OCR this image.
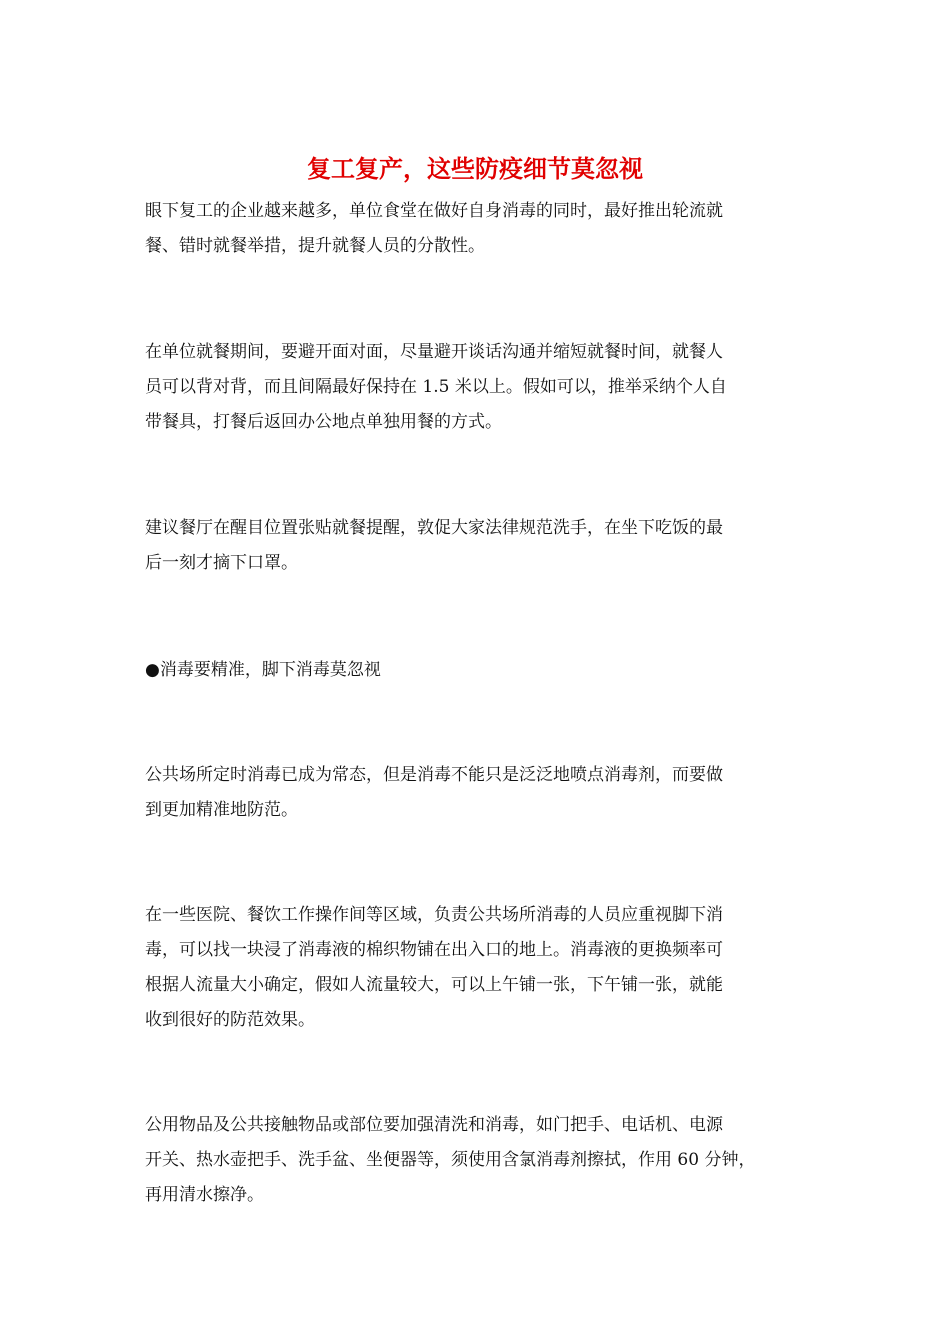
复工复产，这些防疫细节莫忽视

眼下复工的企业越来越多，单位食堂在做好自身消毒的同时，最好推出轮流就
餐、错时就餐举措，提升就餐人员的分散性。

在单位就餐期间，要避开面对面，尽量避开谈话沟通并缩短就餐时间，就餐人
员可以背对背，而且间隔最好保持在 1.5 米以上。假如可以，推举采纳个人自
带餐具，打餐后返回办公地点单独用餐的方式。

建议餐厅在醒目位置张贴就餐提醒，敦促大家法律规范洗手，在坐下吃饭的最
后一刻才摘下口罩。

●消毒要精准，脚下消毒莫忽视

公共场所定时消毒已成为常态，但是消毒不能只是泛泛地喷点消毒剂，而要做
到更加精准地防范。

在一些医院、餐饮工作操作间等区域，负责公共场所消毒的人员应重视脚下消
毒，可以找一块浸了消毒液的棉织物铺在出入口的地上。消毒液的更换频率可
根据人流量大小确定，假如人流量较大，可以上午铺一张，下午铺一张，就能
收到很好的防范效果。

公用物品及公共接触物品或部位要加强清洗和消毒，如门把手、电话机、电源
开关、热水壶把手、洗手盆、坐便器等，须使用含氯消毒剂擦拭，作用 60 分钟，
再用清水擦净。
